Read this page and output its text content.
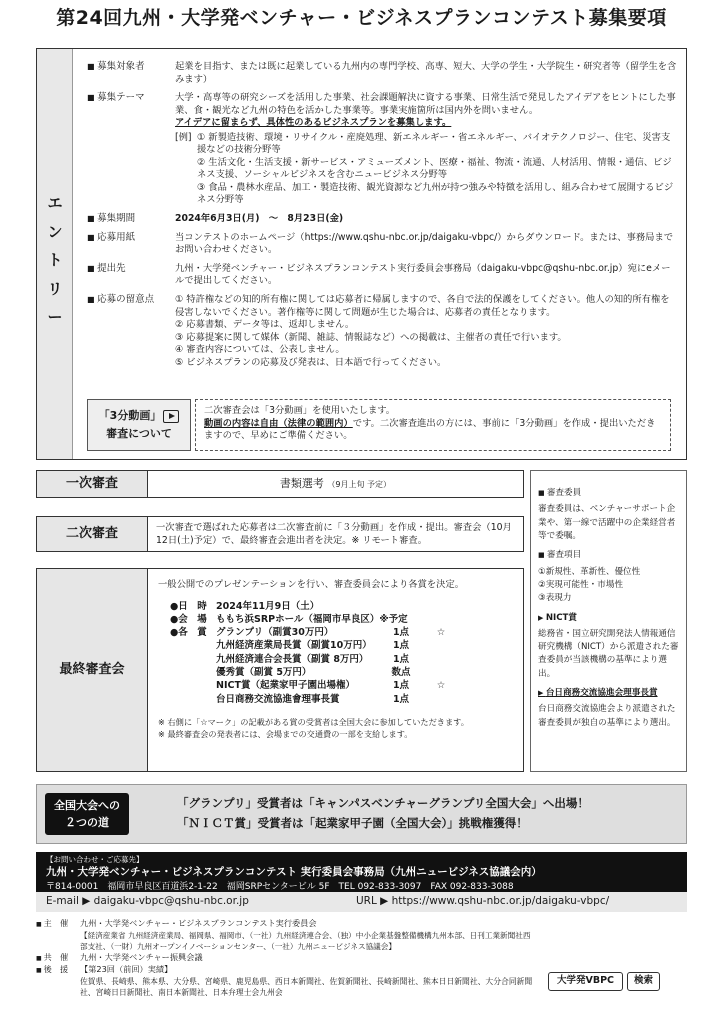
第24回九州・大学発ベンチャー・ビジネスプランコンテスト募集要項
エ
ン
ト
リ
ー
■ 募集対象者	起業を目指す、または既に起業している九州内の専門学校、高専、短大、大学の学生・大学院生・研究者等（留学生を含みます）
■ 募集テーマ	大学・高専等の研究シーズを活用した事業、社会課題解決に資する事業、日常生活で発見したアイデアをヒントにした事業、食・観光など九州の特色を活かした事業等。事業実施箇所は国内外を問いません。
アイデアに留まらず、具体性のあるビジネスプランを募集します。
[例] ① 新製造技術、環境・リサイクル・産廃処理、新エネルギー・省エネルギー、バイオテクノロジー、住宅、災害支援などの技術分野等
② 生活文化・生活支援・新サービス・アミューズメント、医療・福祉、物流・流通、人材活用、情報・通信、ビジネス支援、ソーシャルビジネスを含むニュービジネス分野等
③ 食品・農林水産品、加工・製造技術、観光資源など九州が持つ強みや特徴を活用し、組み合わせて展開するビジネス分野等
■ 募集期間	2024年6月3日(月)　～　8月23日(金)
■ 応募用紙	当コンテストのホームページ（https://www.qshu-nbc.or.jp/daigaku-vbpc/）からダウンロード。または、事務局までお問い合わせください。
■ 提出先	九州・大学発ベンチャー・ビジネスプランコンテスト実行委員会事務局（daigaku-vbpc@qshu-nbc.or.jp）宛にeメールで提出してください。
■ 応募の留意点	① 特許権などの知的所有権に関しては応募者に帰属しますので、各自で法的保護をしてください。他人の知的所有権を侵害しないでください。著作権等に関して問題が生じた場合は、応募者の責任となります。
② 応募書類、データ等は、返却しません。
③ 応募提案に関して媒体（新聞、雑誌、情報誌など）への掲載は、主催者の責任で行います。
④ 審査内容については、公表しません。
⑤ ビジネスプランの応募及び発表は、日本語で行ってください。
「3分動画」
審査について
二次審査会は「3分動画」を使用いたします。
動画の内容は自由（法律の範囲内）です。二次審査進出の方には、事前に「3分動画」を作成・提出いただきますので、早めにご準備ください。
一次審査	書類選考 （9月上旬 予定）
二次審査	一次審査で選ばれた応募者は二次審査前に「３分動画」を作成・提出。審査会（10月12日(土)予定）で、最終審査会進出者を決定。※ リモート審査。
最終審査会
一般公開でのプレゼンテーションを行い、審査委員会により各賞を決定。
●日　時 2024年11月9日（土）
●会　場 ももち浜SRPホール（福岡市早良区）※予定
●各　賞 グランプリ（副賞30万円）	1点	☆
九州経済産業局長賞（副賞10万円）	1点
九州経済連合会長賞（副賞 8万円）	1点
優秀賞（副賞 5万円）	数点
NICT賞（起業家甲子園出場権）	1点	☆
台日商務交流協進會理事長賞	1点
※ 右側に「☆マーク」の記載がある賞の受賞者は全国大会に参加していただきます。
※ 最終審査会の発表者には、会場までの交通費の一部を支給します。
■ 審査委員
審査委員は、ベンチャーサポート企業や、第一線で活躍中の企業経営者等で委嘱。
■ 審査項目
①新規性、革新性、優位性
②実現可能性・市場性
③表現力
▶ NICT賞
総務省・国立研究開発法人情報通信研究機構（NICT）から派遣された審査委員が当該機構の基準により選出。
▶ 台日商務交流協進会理事長賞
台日商務交流協進会より派遣された審査委員が独自の基準により選出。
全国大会への
２つの道
「グランプリ」受賞者は「キャンパスベンチャーグランプリ全国大会」へ出場！
「ＮＩＣＴ賞」受賞者は「起業家甲子園（全国大会）」挑戦権獲得！
【お問い合わせ・ご応募先】
九州・大学発ベンチャー・ビジネスプランコンテスト 実行委員会事務局（九州ニュービジネス協議会内）
〒814-0001　福岡市早良区百道浜2-1-22　福岡SRPセンタービル 5F　TEL 092-833-3097　FAX 092-833-3088
E-mail ▶ daigaku-vbpc@qshu-nbc.or.jp	URL ▶ https://www.qshu-nbc.or.jp/daigaku-vbpc/
■ 主　催	九州・大学発ベンチャー・ビジネスプランコンテスト実行委員会
【経済産業省 九州経済産業局、福岡県、福岡市、（一社）九州経済連合会、（独）中小企業基盤整備機構九州本部、日刊工業新聞社西部支社、（一財）九州オープンイノベーションセンター、（一社）九州ニュービジネス協議会】
■ 共　催	九州・大学発ベンチャー振興会議
■ 後　援	【第23回（前回）実績】
佐賀県、長崎県、熊本県、大分県、宮崎県、鹿児島県、西日本新聞社、佐賀新聞社、長崎新聞社、熊本日日新聞社、大分合同新聞社、宮崎日日新聞社、南日本新聞社、日本弁理士会九州会
大学発VBPC 検索
